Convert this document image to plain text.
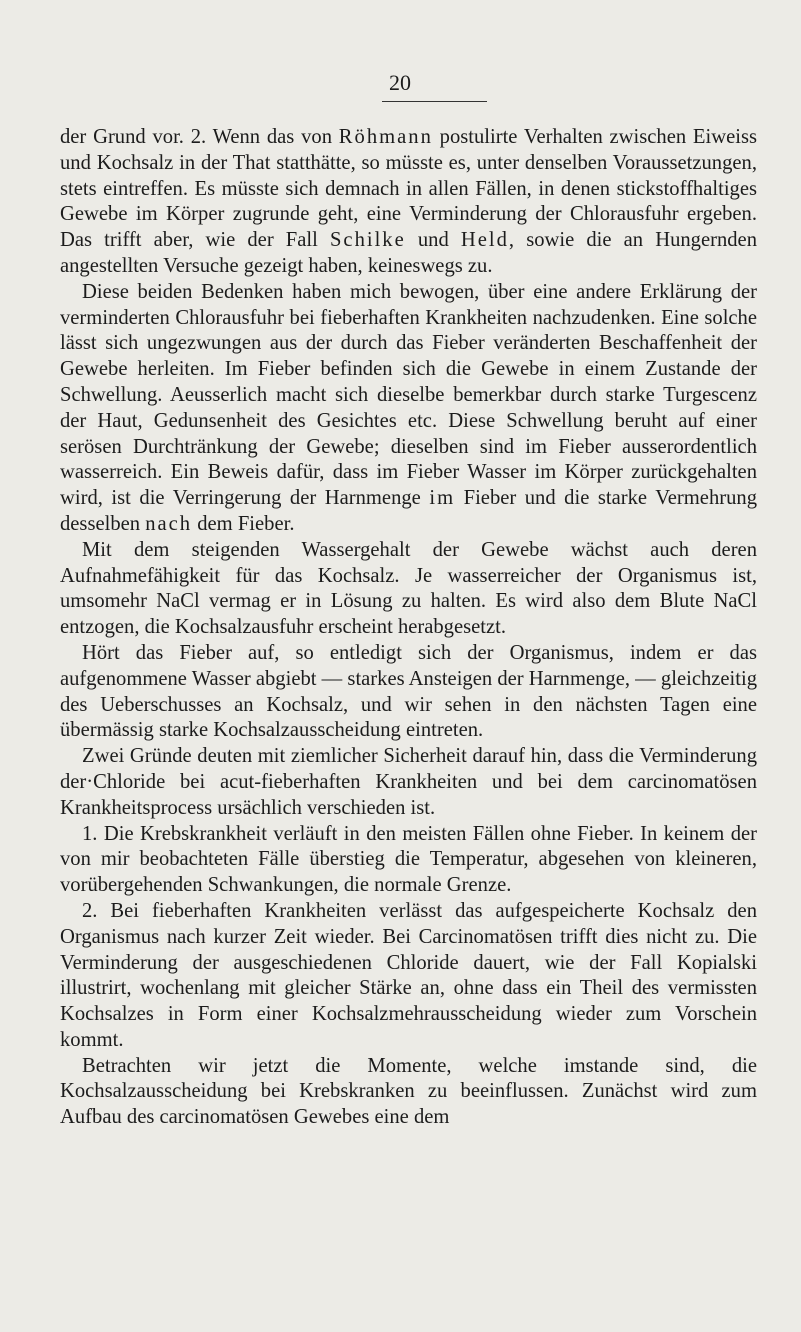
20

der Grund vor. 2. Wenn das von Röhmann postulirte Verhalten zwischen Eiweiss und Kochsalz in der That statthätte, so müsste es, unter denselben Voraussetzungen, stets eintreffen. Es müsste sich demnach in allen Fällen, in denen stickstoffhaltiges Gewebe im Körper zugrunde geht, eine Verminderung der Chlorausfuhr ergeben. Das trifft aber, wie der Fall Schilke und Held, sowie die an Hungernden angestellten Versuche gezeigt haben, keineswegs zu.

Diese beiden Bedenken haben mich bewogen, über eine andere Erklärung der verminderten Chlorausfuhr bei fieberhaften Krankheiten nachzudenken. Eine solche lässt sich ungezwungen aus der durch das Fieber veränderten Beschaffenheit der Gewebe herleiten. Im Fieber befinden sich die Gewebe in einem Zustande der Schwellung. Aeusserlich macht sich dieselbe bemerkbar durch starke Turgescenz der Haut, Gedunsenheit des Gesichtes etc. Diese Schwellung beruht auf einer serösen Durchtränkung der Gewebe; dieselben sind im Fieber ausserordentlich wasserreich. Ein Beweis dafür, dass im Fieber Wasser im Körper zurückgehalten wird, ist die Verringerung der Harnmenge im Fieber und die starke Vermehrung desselben nach dem Fieber.

Mit dem steigenden Wassergehalt der Gewebe wächst auch deren Aufnahmefähigkeit für das Kochsalz. Je wasserreicher der Organismus ist, umsomehr NaCl vermag er in Lösung zu halten. Es wird also dem Blute NaCl entzogen, die Kochsalzausfuhr erscheint herabgesetzt.

Hört das Fieber auf, so entledigt sich der Organismus, indem er das aufgenommene Wasser abgiebt — starkes Ansteigen der Harnmenge, — gleichzeitig des Ueberschusses an Kochsalz, und wir sehen in den nächsten Tagen eine übermässig starke Kochsalzausscheidung eintreten.

Zwei Gründe deuten mit ziemlicher Sicherheit darauf hin, dass die Verminderung der·Chloride bei acut-fieberhaften Krankheiten und bei dem carcinomatösen Krankheitsprocess ursächlich verschieden ist.

1. Die Krebskrankheit verläuft in den meisten Fällen ohne Fieber. In keinem der von mir beobachteten Fälle überstieg die Temperatur, abgesehen von kleineren, vorübergehenden Schwankungen, die normale Grenze.

2. Bei fieberhaften Krankheiten verlässt das aufgespeicherte Kochsalz den Organismus nach kurzer Zeit wieder. Bei Carcinomatösen trifft dies nicht zu. Die Verminderung der ausgeschiedenen Chloride dauert, wie der Fall Kopialski illustrirt, wochenlang mit gleicher Stärke an, ohne dass ein Theil des vermissten Kochsalzes in Form einer Kochsalzmehrausscheidung wieder zum Vorschein kommt.

Betrachten wir jetzt die Momente, welche imstande sind, die Kochsalzausscheidung bei Krebskranken zu beeinflussen. Zunächst wird zum Aufbau des carcinomatösen Gewebes eine dem
